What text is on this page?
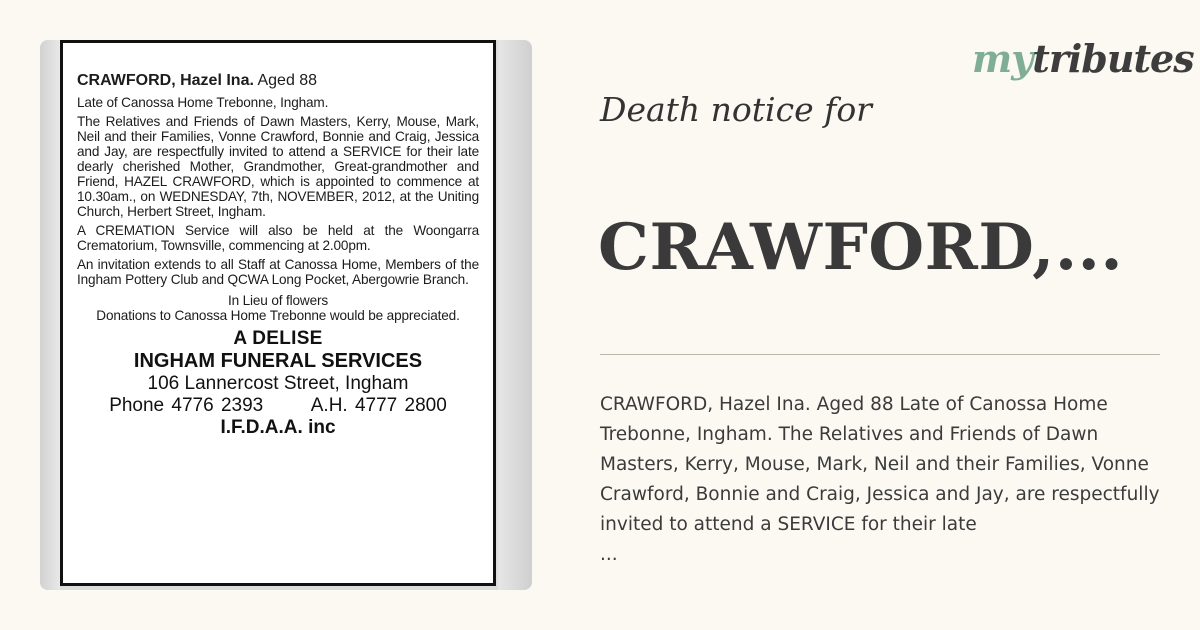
CRAWFORD, Hazel Ina. Aged 88

Late of Canossa Home Trebonne, Ingham.

The Relatives and Friends of Dawn Masters, Kerry, Mouse, Mark, Neil and their Families, Vonne Crawford, Bonnie and Craig, Jessica and Jay, are respectfully invited to attend a SERVICE for their late dearly cherished Mother, Grandmother, Great-grandmother and Friend, HAZEL CRAWFORD, which is appointed to commence at 10.30am., on WEDNESDAY, 7th, NOVEMBER, 2012, at the Uniting Church, Herbert Street, Ingham.

A CREMATION Service will also be held at the Woongarra Crematorium, Townsville, commencing at 2.00pm.

An invitation extends to all Staff at Canossa Home, Members of the Ingham Pottery Club and QCWA Long Pocket, Abergowrie Branch.

In Lieu of flowers

Donations to Canossa Home Trebonne would be appreciated.

A DELISE
INGHAM FUNERAL SERVICES
106 Lannercost Street, Ingham
Phone 4776 2393	A.H. 4777 2800
I.F.D.A.A. inc
mytributes
Death notice for
CRAWFORD,...
CRAWFORD, Hazel Ina. Aged 88 Late of Canossa Home Trebonne, Ingham. The Relatives and Friends of Dawn Masters, Kerry, Mouse, Mark, Neil and their Families, Vonne Crawford, Bonnie and Craig, Jessica and Jay, are respectfully invited to attend a SERVICE for their late
...
